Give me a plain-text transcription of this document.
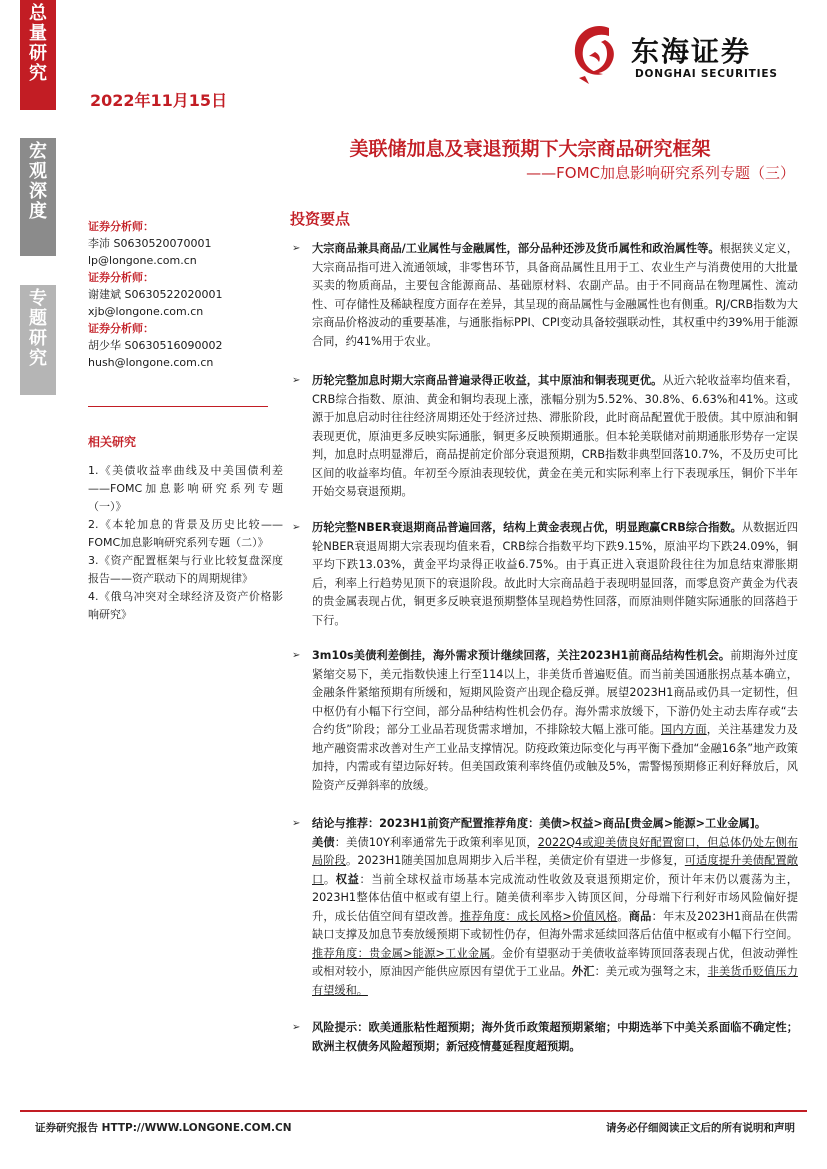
总量研究
宏观深度
专题研究
2022年11月15日
东海证券
DONGHAI SECURITIES
美联储加息及衰退预期下大宗商品研究框架
——FOMC加息影响研究系列专题（三）
证券分析师：
李沛 S0630520070001
lp@longone.com.cn
证券分析师：
谢建斌 S0630522020001
xjb@longone.com.cn
证券分析师：
胡少华 S0630516090002
hush@longone.com.cn
相关研究
1.《美债收益率曲线及中美国债利差——FOMC加息影响研究系列专题（一）》
2.《本轮加息的背景及历史比较——FOMC加息影响研究系列专题（二）》
3.《资产配置框架与行业比较复盘深度报告——资产联动下的周期规律》
4.《俄乌冲突对全球经济及资产价格影响研究》
投资要点
➢ 大宗商品兼具商品/工业属性与金融属性，部分品种还涉及货币属性和政治属性等。根据狭义定义，大宗商品指可进入流通领域，非零售环节，具备商品属性且用于工、农业生产与消费使用的大批量买卖的物质商品，主要包含能源商品、基础原材料、农副产品。由于不同商品在物理属性、流动性、可存储性及稀缺程度方面存在差异，其呈现的商品属性与金融属性也有侧重。RJ/CRB指数为大宗商品价格波动的重要基准，与通胀指标PPI、CPI变动具备较强联动性，其权重中约39%用于能源合同，约41%用于农业。
➢ 历轮完整加息时期大宗商品普遍录得正收益，其中原油和铜表现更优。从近六轮收益率均值来看，CRB综合指数、原油、黄金和铜均表现上涨，涨幅分别为5.52%、30.8%、6.63%和41%。这或源于加息启动时往往经济周期还处于经济过热、滞胀阶段，此时商品配置优于股债。其中原油和铜表现更优，原油更多反映实际通胀，铜更多反映预期通胀。但本轮美联储对前期通胀形势存一定误判，加息时点明显滞后，商品提前定价部分衰退预期，CRB指数非典型回落10.7%，不及历史可比区间的收益率均值。年初至今原油表现较优，黄金在美元和实际利率上行下表现承压，铜价下半年开始交易衰退预期。
➢ 历轮完整NBER衰退期商品普遍回落，结构上黄金表现占优，明显跑赢CRB综合指数。从数据近四轮NBER衰退周期大宗表现均值来看，CRB综合指数平均下跌9.15%，原油平均下跌24.09%，铜平均下跌13.03%，黄金平均录得正收益6.75%。由于真正进入衰退阶段往往为加息结束滞胀期后，利率上行趋势见顶下的衰退阶段。故此时大宗商品趋于表现明显回落，而零息资产黄金为代表的贵金属表现占优，铜更多反映衰退预期整体呈现趋势性回落，而原油则伴随实际通胀的回落趋于下行。
➢ 3m10s美债利差倒挂，海外需求预计继续回落，关注2023H1前商品结构性机会。前期海外过度紧缩交易下，美元指数快速上行至114以上，非美货币普遍贬值。而当前美国通胀拐点基本确立，金融条件紧缩预期有所缓和，短期风险资产出现企稳反弹。展望2023H1商品或仍具一定韧性，但中枢仍有小幅下行空间，部分品种结构性机会仍存。海外需求放缓下，下游仍处主动去库存或“去合约货”阶段；部分工业品若现货需求增加，不排除较大幅上涨可能。国内方面，关注基建发力及地产融资需求改善对生产工业品支撑情况。防疫政策边际变化与再平衡下叠加“金融16条”地产政策加持，内需或有望边际好转。但美国政策利率终值仍或触及5%，需警惕预期修正利好释放后，风险资产反弹斜率的放缓。
➢ 结论与推荐：2023H1前资产配置推荐角度：美债>权益>商品[贵金属>能源>工业金属]。
美债：美债10Y利率通常先于政策利率见顶，2022Q4或迎美债良好配置窗口，但总体仍处左侧布局阶段。2023H1随美国加息周期步入后半程，美债定价有望进一步修复，可适度提升美债配置敞口。权益：当前全球权益市场基本完成流动性收敛及衰退预期定价，预计年末仍以震荡为主，2023H1整体估值中枢或有望上行。随美债利率步入铸顶区间，分母端下行利好市场风险偏好提升，成长估值空间有望改善。推荐角度：成长风格>价值风格。商品：年末及2023H1商品在供需缺口支撑及加息节奏放缓预期下或韧性仍存，但海外需求延续回落后估值中枢或有小幅下行空间。推荐角度：贵金属>能源>工业金属。金价有望驱动于美债收益率铸顶回落表现占优，但波动弹性或相对较小，原油因产能供应原因有望优于工业品。外汇：美元或为强弩之末，非美货币贬值压力有望缓和。
➢ 风险提示：欧美通胀粘性超预期；海外货币政策超预期紧缩；中期选举下中美关系面临不确定性；欧洲主权债务风险超预期；新冠疫情蔓延程度超预期。
证券研究报告 HTTP://WWW.LONGONE.COM.CN	请务必仔细阅读正文后的所有说明和声明
